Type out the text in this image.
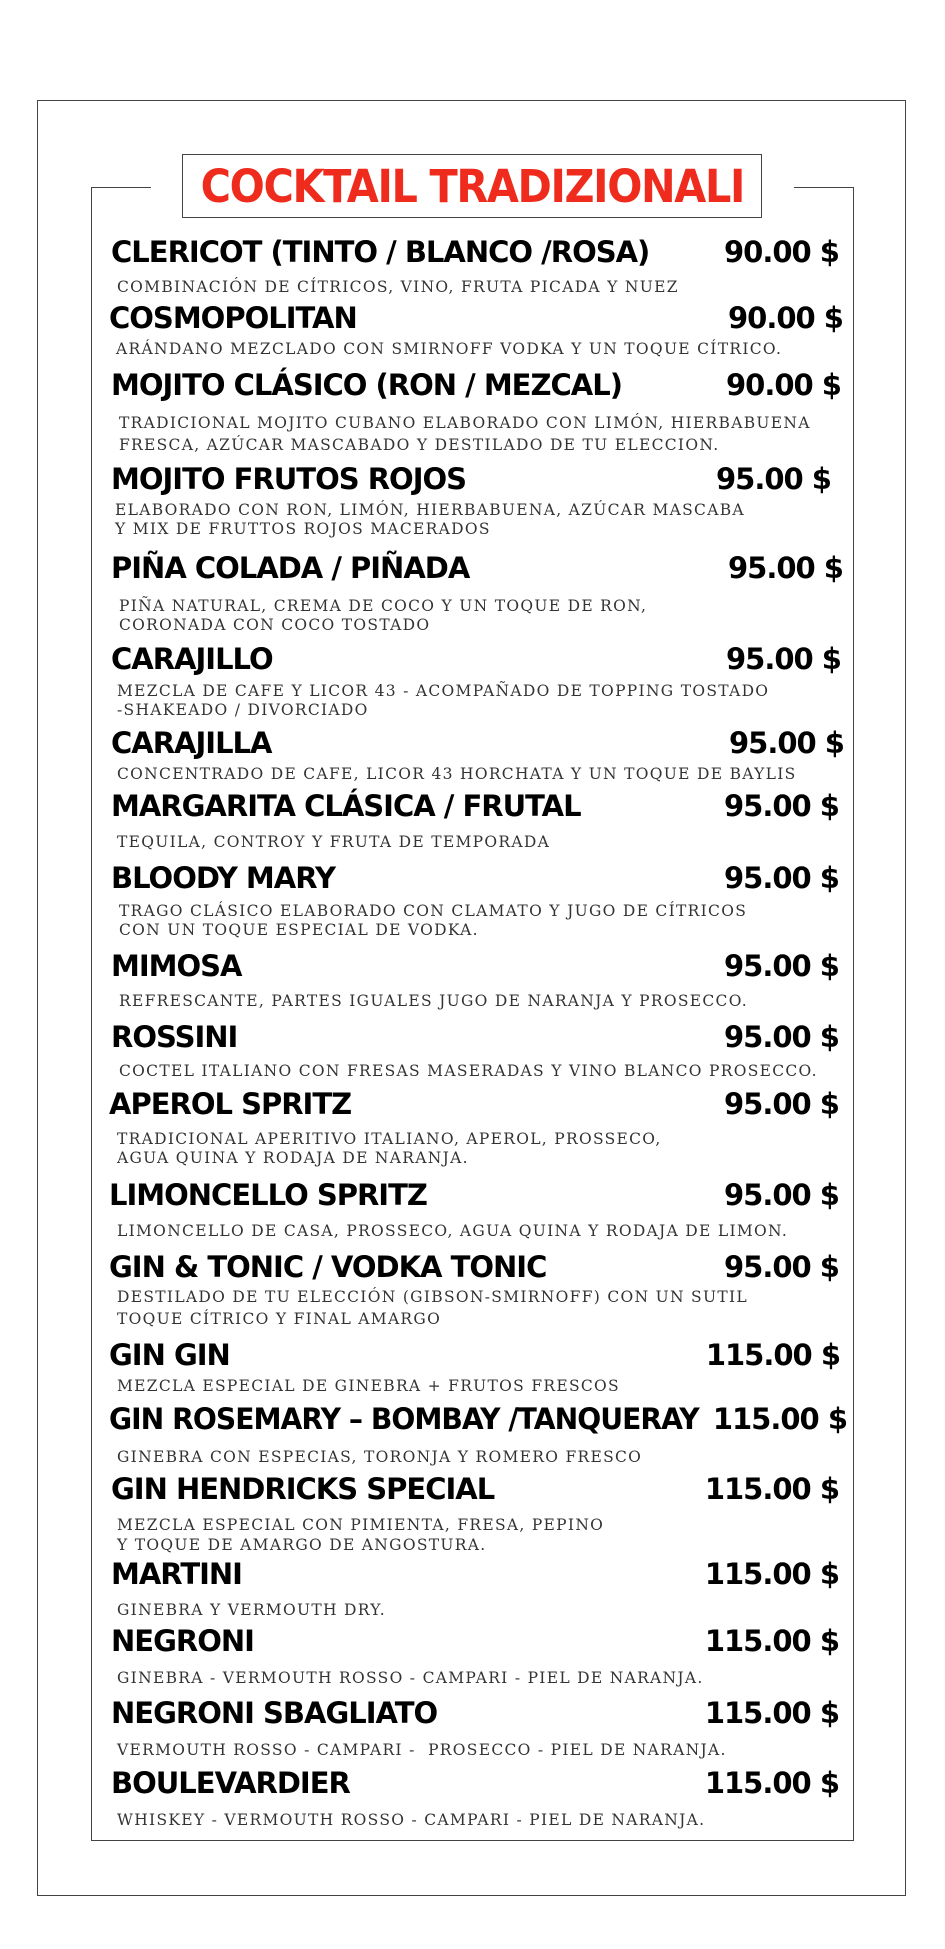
COCKTAIL TRADIZIONALI
CLERICOT (TINTO / BLANCO /ROSA)	90.00 $
COMBINACIÓN DE CÍTRICOS, VINO, FRUTA PICADA Y NUEZ
COSMOPOLITAN	90.00 $
ARÁNDANO MEZCLADO CON SMIRNOFF VODKA Y UN TOQUE CÍTRICO.
MOJITO CLÁSICO (RON / MEZCAL)	90.00 $
TRADICIONAL MOJITO CUBANO ELABORADO CON LIMÓN, HIERBABUENA
FRESCA, AZÚCAR MASCABADO Y DESTILADO DE TU ELECCION.
MOJITO FRUTOS ROJOS	95.00 $
ELABORADO CON RON, LIMÓN, HIERBABUENA, AZÚCAR MASCABA
Y MIX DE FRUTTOS ROJOS MACERADOS
PIÑA COLADA / PIÑADA	95.00 $
PIÑA NATURAL, CREMA DE COCO Y UN TOQUE DE RON,
CORONADA CON COCO TOSTADO
CARAJILLO	95.00 $
MEZCLA DE CAFE Y LICOR 43 - ACOMPAÑADO DE TOPPING TOSTADO
-SHAKEADO / DIVORCIADO
CARAJILLA	95.00 $
CONCENTRADO DE CAFE, LICOR 43 HORCHATA Y UN TOQUE DE BAYLIS
MARGARITA CLÁSICA / FRUTAL	95.00 $
TEQUILA, CONTROY Y FRUTA DE TEMPORADA
BLOODY MARY	95.00 $
TRAGO CLÁSICO ELABORADO CON CLAMATO Y JUGO DE CÍTRICOS
CON UN TOQUE ESPECIAL DE VODKA.
MIMOSA	95.00 $
REFRESCANTE, PARTES IGUALES JUGO DE NARANJA Y PROSECCO.
ROSSINI	95.00 $
COCTEL ITALIANO CON FRESAS MASERADAS Y VINO BLANCO PROSECCO.
APEROL SPRITZ	95.00 $
TRADICIONAL APERITIVO ITALIANO, APEROL, PROSSECO,
AGUA QUINA Y RODAJA DE NARANJA.
LIMONCELLO SPRITZ	95.00 $
LIMONCELLO DE CASA, PROSSECO, AGUA QUINA Y RODAJA DE LIMON.
GIN & TONIC / VODKA TONIC	95.00 $
DESTILADO DE TU ELECCIÓN (GIBSON-SMIRNOFF) CON UN SUTIL
TOQUE CÍTRICO Y FINAL AMARGO
GIN GIN	115.00 $
MEZCLA ESPECIAL DE GINEBRA + FRUTOS FRESCOS
GIN ROSEMARY – BOMBAY /TANQUERAY 115.00 $
GINEBRA CON ESPECIAS, TORONJA Y ROMERO FRESCO
GIN HENDRICKS SPECIAL	115.00 $
MEZCLA ESPECIAL CON PIMIENTA, FRESA, PEPINO
Y TOQUE DE AMARGO DE ANGOSTURA.
MARTINI	115.00 $
GINEBRA Y VERMOUTH DRY.
NEGRONI	115.00 $
GINEBRA - VERMOUTH ROSSO - CAMPARI - PIEL DE NARANJA.
NEGRONI SBAGLIATO	115.00 $
VERMOUTH ROSSO - CAMPARI -  PROSECCO - PIEL DE NARANJA.
BOULEVARDIER	115.00 $
WHISKEY - VERMOUTH ROSSO - CAMPARI - PIEL DE NARANJA.
